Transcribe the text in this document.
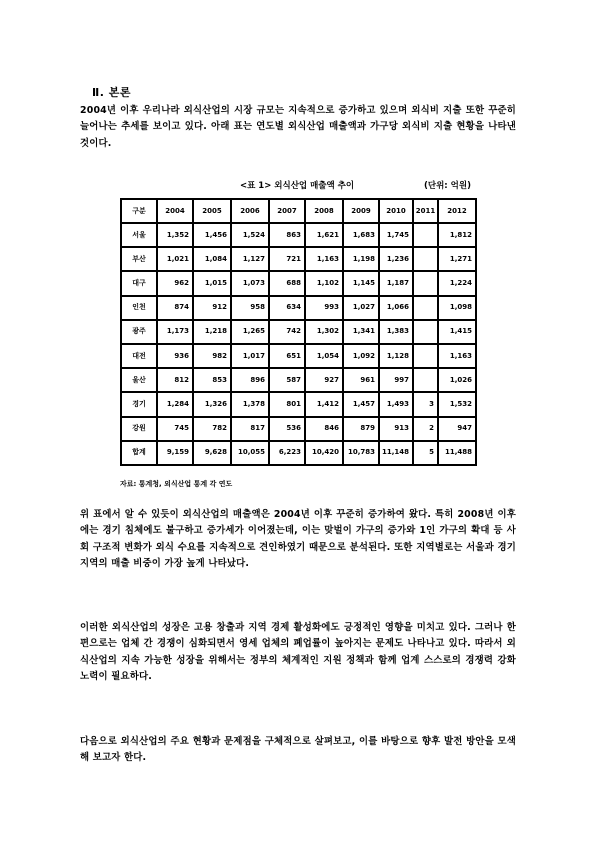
Ⅱ. 본론

2004년 이후 우리나라 외식산업의 시장 규모는 지속적으로 증가하고 있으며 외식비 지출 또한 꾸준히 늘어나는 추세를 보이고 있다. 아래 표는 연도별 외식산업 매출액과 가구당 외식비 지출 현황을 나타낸 것이다.

<표 1> 외식산업 매출액 추이	(단위: 억원)
구분	2004	2005	2006	2007	2008	2009	2010	2011	2012
서울	1,352	1,456	1,524	863	1,621	1,683	1,745		1,812
부산	1,021	1,084	1,127	721	1,163	1,198	1,236		1,271
대구	962	1,015	1,073	688	1,102	1,145	1,187		1,224
인천	874	912	958	634	993	1,027	1,066		1,098
광주	1,173	1,218	1,265	742	1,302	1,341	1,383		1,415
대전	936	982	1,017	651	1,054	1,092	1,128		1,163
울산	812	853	896	587	927	961	997		1,026
경기	1,284	1,326	1,378	801	1,412	1,457	1,493	3	1,532
강원	745	782	817	536	846	879	913	2	947
합계	9,159	9,628	10,055	6,223	10,420	10,783	11,148	5	11,488
자료: 통계청, 외식산업 통계 각 연도

위 표에서 알 수 있듯이 외식산업의 매출액은 2004년 이후 꾸준히 증가하여 왔다. 특히 2008년 이후에는 경기 침체에도 불구하고 증가세가 이어졌는데, 이는 맞벌이 가구의 증가와 1인 가구의 확대 등 사회 구조적 변화가 외식 수요를 지속적으로 견인하였기 때문으로 분석된다. 또한 지역별로는 서울과 경기 지역의 매출 비중이 가장 높게 나타났다.

이러한 외식산업의 성장은 고용 창출과 지역 경제 활성화에도 긍정적인 영향을 미치고 있다. 그러나 한편으로는 업체 간 경쟁이 심화되면서 영세 업체의 폐업률이 높아지는 문제도 나타나고 있다. 따라서 외식산업의 지속 가능한 성장을 위해서는 정부의 체계적인 지원 정책과 함께 업계 스스로의 경쟁력 강화 노력이 필요하다.

다음으로 외식산업의 주요 현황과 문제점을 구체적으로 살펴보고, 이를 바탕으로 향후 발전 방안을 모색해 보고자 한다.
